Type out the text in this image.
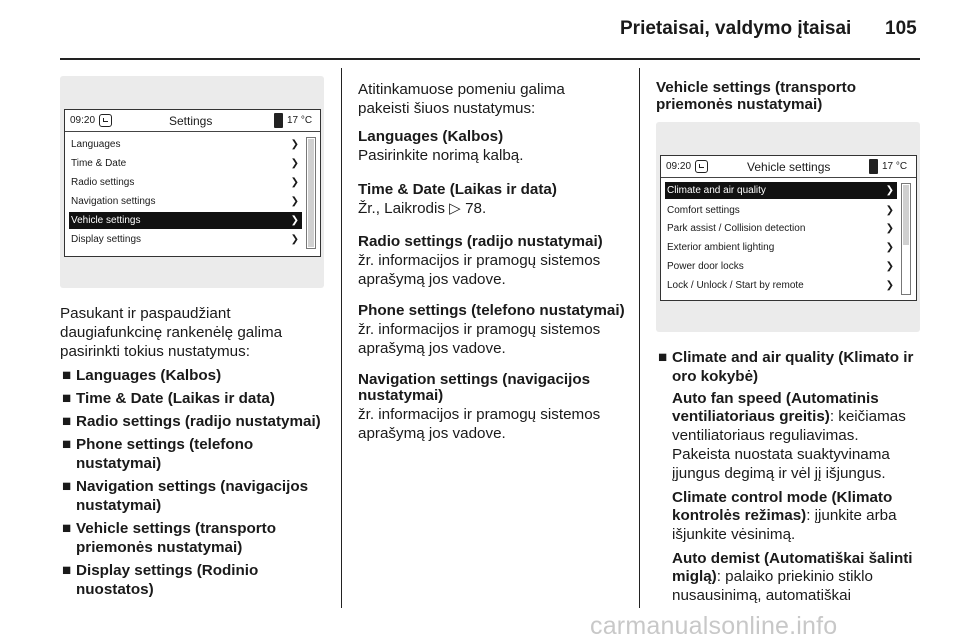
Prietaisai, valdymo įtaisai 105
09:20	Settings	17 °C
Languages	❯
Time & Date	❯
Radio settings	❯
Navigation settings	❯
Vehicle settings	❯
Display settings	❯
Pasukant ir paspaudžiant
daugiafunkcinę rankenėlę galima
pasirinkti tokius nustatymus:
■ Languages (Kalbos)
■ Time & Date (Laikas ir data)
■ Radio settings (radijo nustatymai)
■ Phone settings (telefono
nustatymai)
■ Navigation settings (navigacijos
nustatymai)
■ Vehicle settings (transporto
priemonės nustatymai)
■ Display settings (Rodinio
nuostatos)
Atitinkamuose pomeniu galima
pakeisti šiuos nustatymus:
Languages (Kalbos)
Pasirinkite norimą kalbą.
Time & Date (Laikas ir data)
Žr., Laikrodis ▷ 78.
Radio settings (radijo nustatymai)
žr. informacijos ir pramogų sistemos
aprašymą jos vadove.
Phone settings (telefono nustatymai)
žr. informacijos ir pramogų sistemos
aprašymą jos vadove.
Navigation settings (navigacijos
nustatymai)
žr. informacijos ir pramogų sistemos
aprašymą jos vadove.
Vehicle settings (transporto
priemonės nustatymai)
09:20	Vehicle settings	17 °C
Climate and air quality	❯
Comfort settings	❯
Park assist / Collision detection	❯
Exterior ambient lighting	❯
Power door locks	❯
Lock / Unlock / Start by remote	❯
■ Climate and air quality (Klimato ir
oro kokybė)
Auto fan speed (Automatinis
ventiliatoriaus greitis): keičiamas
ventiliatoriaus reguliavimas.
Pakeista nuostata suaktyvinama
įjungus degimą ir vėl jį išjungus.
Climate control mode (Klimato
kontrolės režimas): įjunkite arba
išjunkite vėsinimą.
Auto demist (Automatiškai šalinti
miglą): palaiko priekinio stiklo
nusausinimą, automatiškai
carmanualsonline.info
